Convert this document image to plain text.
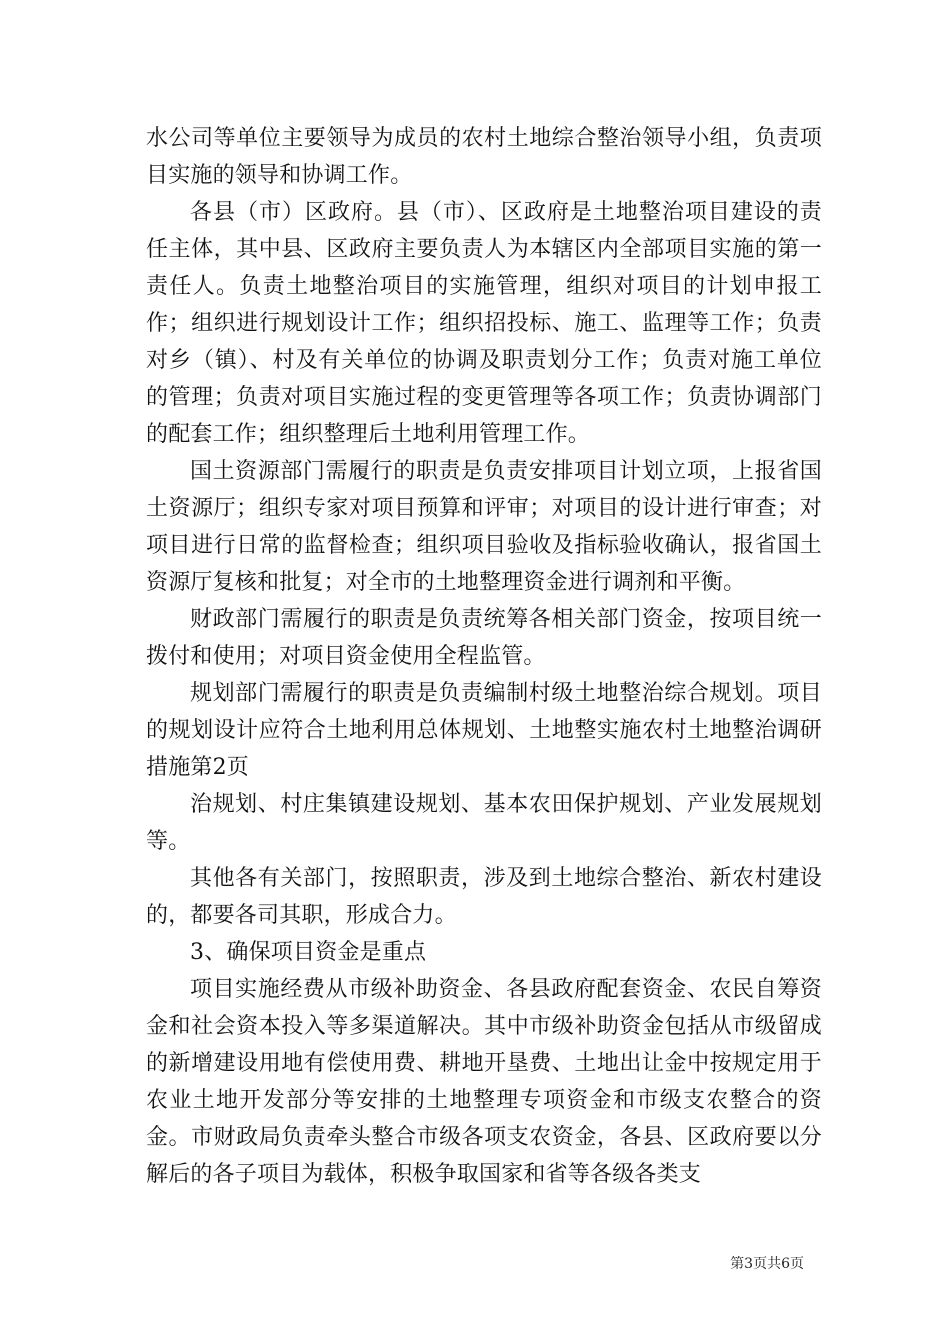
水公司等单位主要领导为成员的农村土地综合整治领导小组，负责项目实施的领导和协调工作。

各县（市）区政府。县（市）、区政府是土地整治项目建设的责任主体，其中县、区政府主要负责人为本辖区内全部项目实施的第一责任人。负责土地整治项目的实施管理，组织对项目的计划申报工作；组织进行规划设计工作；组织招投标、施工、监理等工作；负责对乡（镇）、村及有关单位的协调及职责划分工作；负责对施工单位的管理；负责对项目实施过程的变更管理等各项工作；负责协调部门的配套工作；组织整理后土地利用管理工作。

国土资源部门需履行的职责是负责安排项目计划立项，上报省国土资源厅；组织专家对项目预算和评审；对项目的设计进行审查；对项目进行日常的监督检查；组织项目验收及指标验收确认，报省国土资源厅复核和批复；对全市的土地整理资金进行调剂和平衡。

财政部门需履行的职责是负责统筹各相关部门资金，按项目统一拨付和使用；对项目资金使用全程监管。

规划部门需履行的职责是负责编制村级土地整治综合规划。项目的规划设计应符合土地利用总体规划、土地整实施农村土地整治调研措施第2页

治规划、村庄集镇建设规划、基本农田保护规划、产业发展规划等。

其他各有关部门，按照职责，涉及到土地综合整治、新农村建设的，都要各司其职，形成合力。

3、确保项目资金是重点

项目实施经费从市级补助资金、各县政府配套资金、农民自筹资金和社会资本投入等多渠道解决。其中市级补助资金包括从市级留成的新增建设用地有偿使用费、耕地开垦费、土地出让金中按规定用于农业土地开发部分等安排的土地整理专项资金和市级支农整合的资金。市财政局负责牵头整合市级各项支农资金，各县、区政府要以分解后的各子项目为载体，积极争取国家和省等各级各类支

第3页共6页
